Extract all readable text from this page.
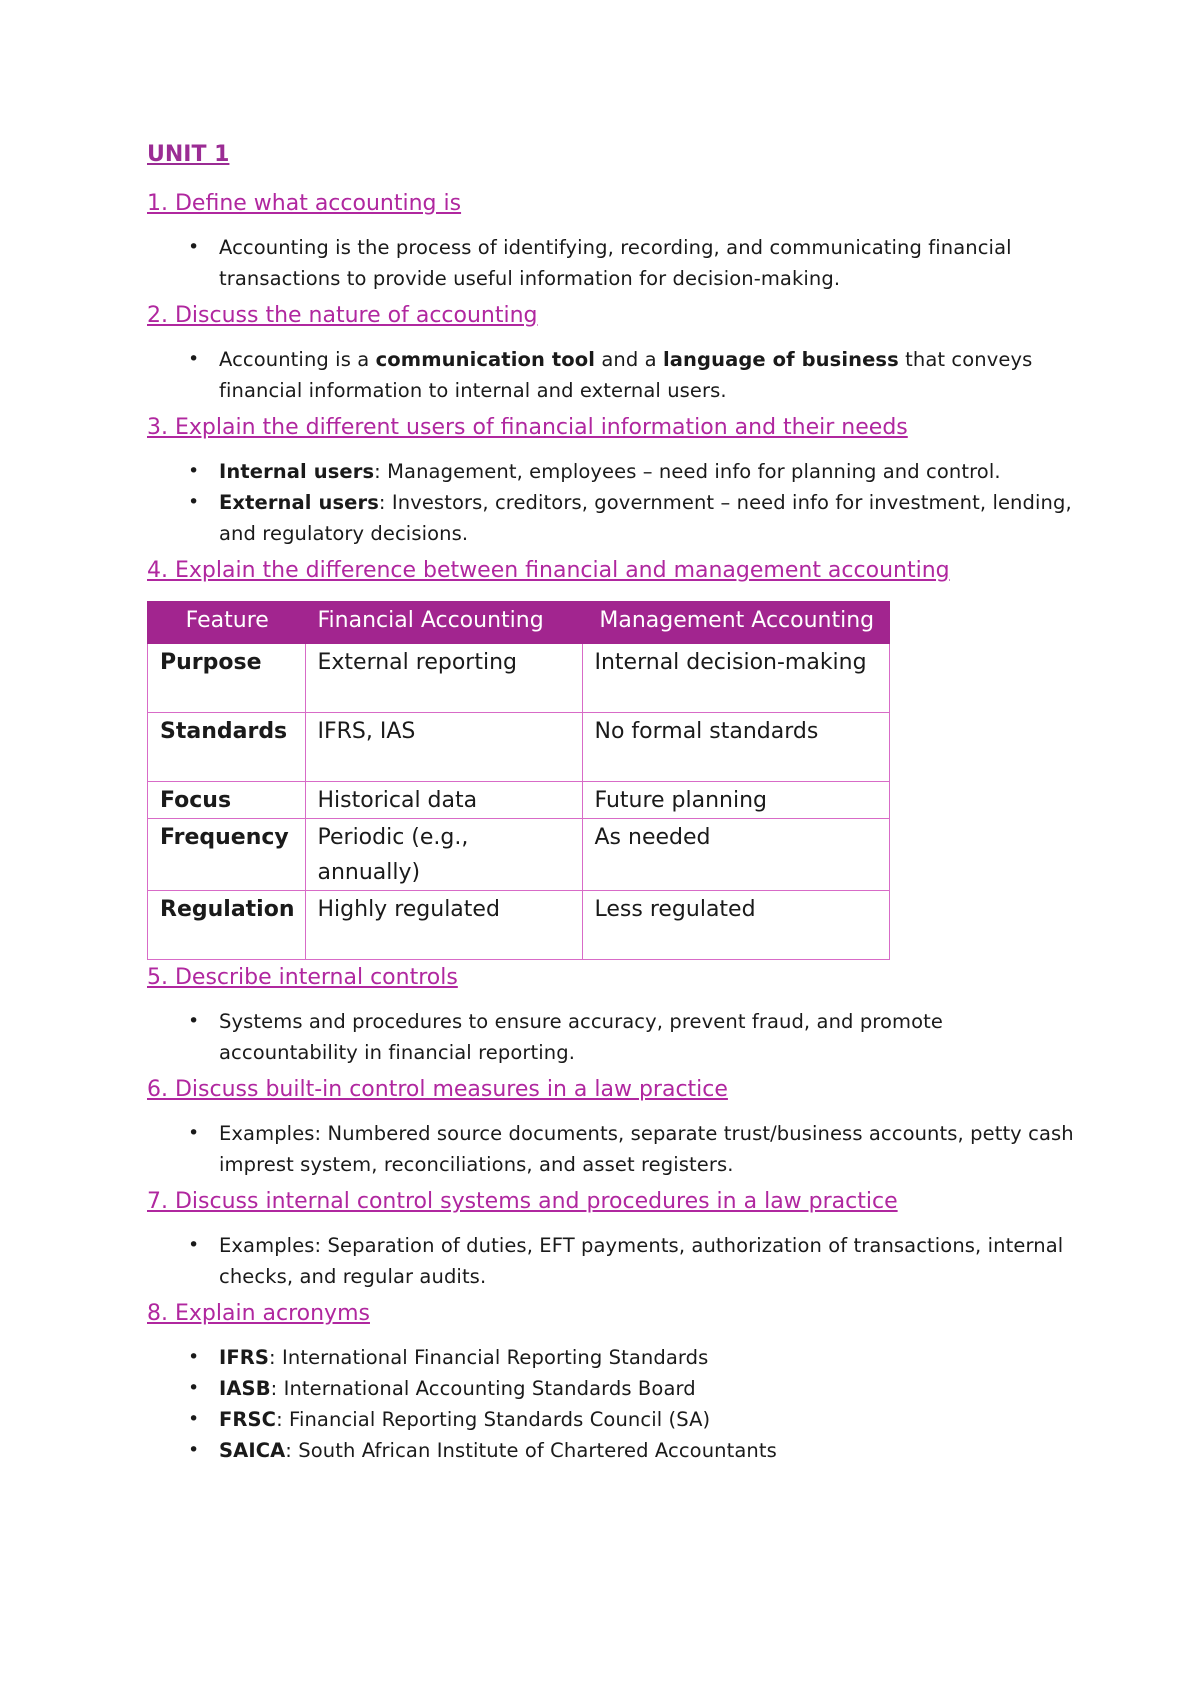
UNIT 1
1. Define what accounting is
• Accounting is the process of identifying, recording, and communicating financial transactions to provide useful information for decision-making.
2. Discuss the nature of accounting
• Accounting is a communication tool and a language of business that conveys financial information to internal and external users.
3. Explain the different users of financial information and their needs
• Internal users: Management, employees – need info for planning and control.
• External users: Investors, creditors, government – need info for investment, lending, and regulatory decisions.
4. Explain the difference between financial and management accounting
Feature	Financial Accounting	Management Accounting
Purpose	External reporting	Internal decision-making
Standards	IFRS, IAS	No formal standards
Focus	Historical data	Future planning
Frequency	Periodic (e.g., annually)	As needed
Regulation	Highly regulated	Less regulated
5. Describe internal controls
• Systems and procedures to ensure accuracy, prevent fraud, and promote accountability in financial reporting.
6. Discuss built-in control measures in a law practice
• Examples: Numbered source documents, separate trust/business accounts, petty cash imprest system, reconciliations, and asset registers.
7. Discuss internal control systems and procedures in a law practice
• Examples: Separation of duties, EFT payments, authorization of transactions, internal checks, and regular audits.
8. Explain acronyms
• IFRS: International Financial Reporting Standards
• IASB: International Accounting Standards Board
• FRSC: Financial Reporting Standards Council (SA)
• SAICA: South African Institute of Chartered Accountants
